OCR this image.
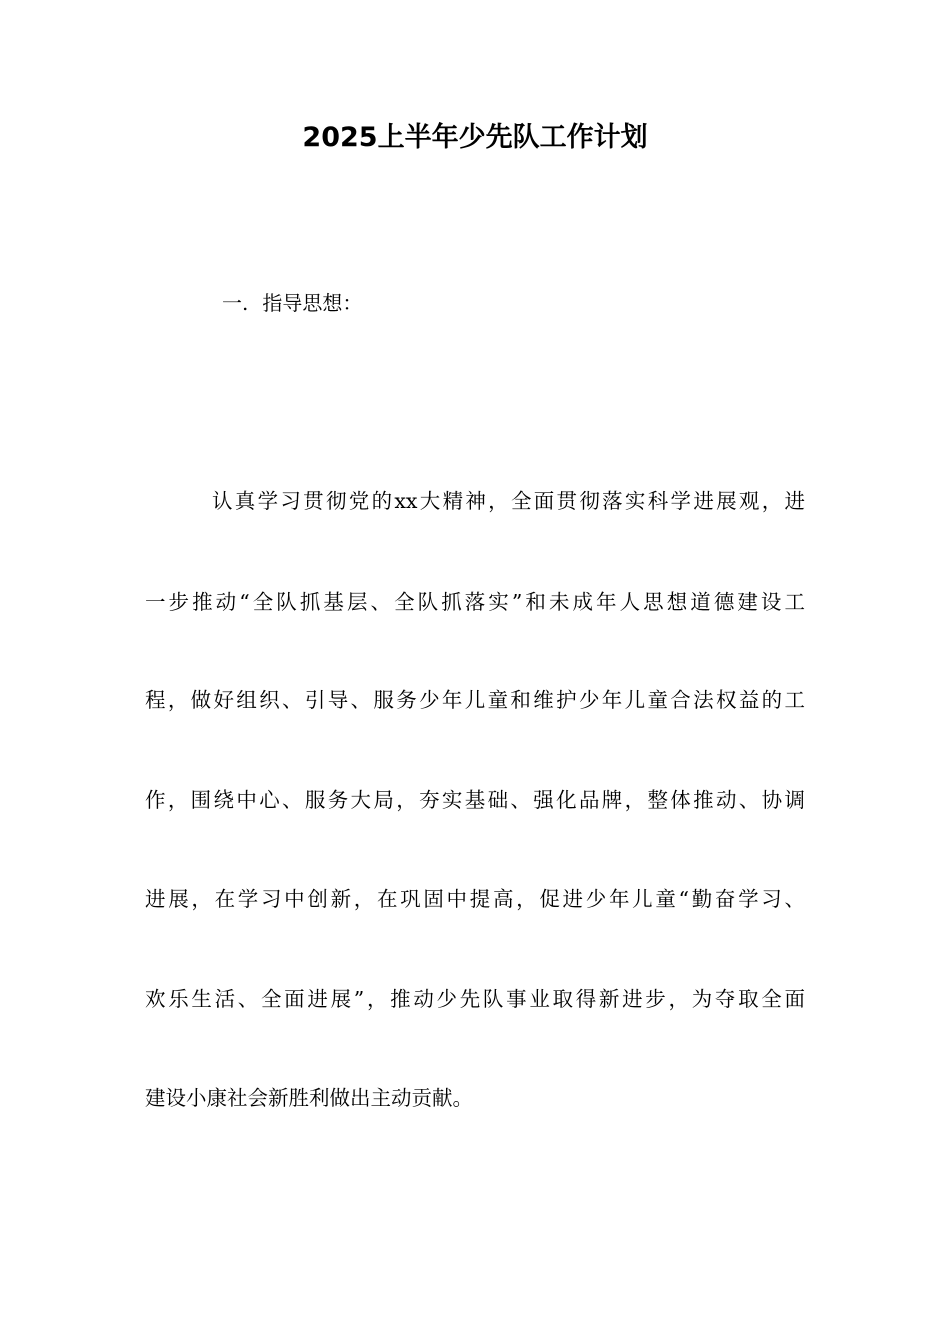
2025上半年少先队工作计划
一. 指导思想：
认真学习贯彻党的xx大精神，全面贯彻落实科学进展观，进
一步推动“全队抓基层、全队抓落实”和未成年人思想道德建设工
程，做好组织、引导、服务少年儿童和维护少年儿童合法权益的工
作，围绕中心、服务大局，夯实基础、强化品牌，整体推动、协调
进展，在学习中创新，在巩固中提高，促进少年儿童“勤奋学习、
欢乐生活、全面进展”，推动少先队事业取得新进步，为夺取全面
建设小康社会新胜利做出主动贡献。
